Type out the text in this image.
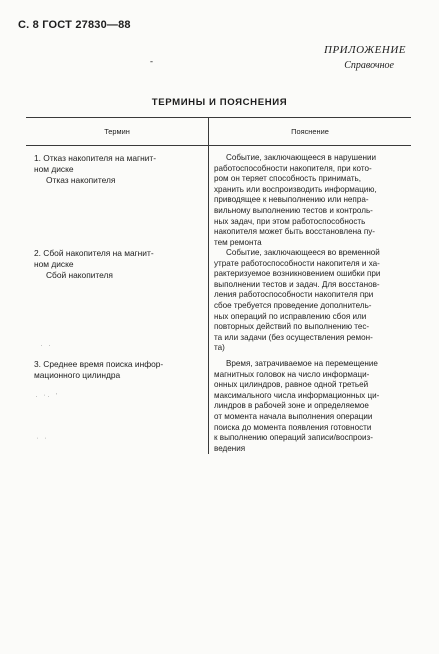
С. 8 ГОСТ 27830—88
ПРИЛОЖЕНИЕ
Справочное
-
ТЕРМИНЫ И ПОЯСНЕНИЯ
Термин	Пояснение
1. Отказ накопителя на магнит-
ном диске
Отказ накопителя
Событие, заключающееся в нарушении
работоспособности накопителя, при кото-
ром он теряет способность принимать,
хранить или воспроизводить информацию,
приводящее к невыполнению или непра-
вильному выполнению тестов и контроль-
ных задач, при этом работоспособность
накопителя может быть восстановлена пу-
тем ремонта
2. Сбой накопителя на магнит-
ном диске
Сбой накопителя
Событие, заключающееся во временной
утрате работоспособности накопителя и ха-
рактеризуемое возникновением ошибки при
выполнении тестов и задач. Для восстанов-
ления работоспособности накопителя при
сбое требуется проведение дополнитель-
ных операций по исправлению сбоя или
повторных действий по выполнению тес-
та или задачи (без осуществления ремон-
та)
. .
3. Среднее время поиска инфор-
мационного цилиндра
Время, затрачиваемое на перемещение
магнитных головок на число информаци-
онных цилиндров, равное одной третьей
максимального числа информационных ци-
линдров в рабочей зоне и определяемое
от момента начала выполнения операции
поиска до момента появления готовности
к выполнению операций записи/воспроиз-
ведения
. ·. '
· ·
